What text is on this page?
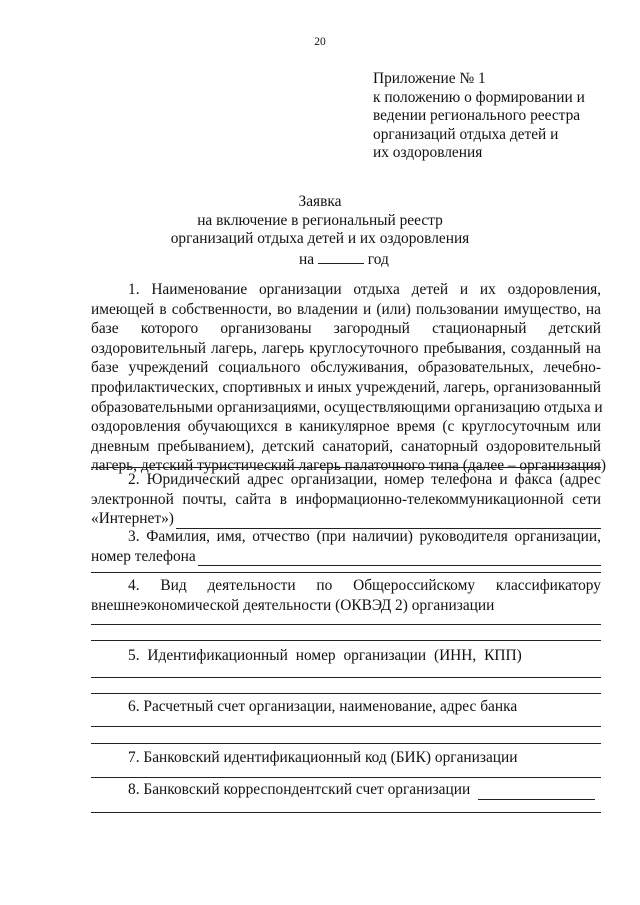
20
Приложение № 1
к положению о формировании и
ведении регионального реестра
организаций отдыха детей и
их оздоровления
Заявка
на включение в региональный реестр
организаций отдыха детей и их оздоровления
на	год
1. Наименование организации отдыха детей и их оздоровления,
имеющей в собственности, во владении и (или) пользовании имущество, на
базе которого организованы загородный стационарный детский
оздоровительный лагерь, лагерь круглосуточного пребывания, созданный на
базе учреждений социального обслуживания, образовательных, лечебно-
профилактических, спортивных и иных учреждений, лагерь, организованный
образовательными организациями, осуществляющими организацию отдыха и
оздоровления обучающихся в каникулярное время (с круглосуточным или
дневным пребыванием), детский санаторий, санаторный оздоровительный
лагерь, детский туристический лагерь палаточного типа (далее – организация)
2. Юридический адрес организации, номер телефона и факса (адрес
электронной почты, сайта в информационно-телекоммуникационной сети
«Интернет»)
3. Фамилия, имя, отчество (при наличии) руководителя организации,
номер телефона
4. Вид деятельности по Общероссийскому классификатору
внешнеэкономической деятельности (ОКВЭД 2) организации
5. Идентификационный номер организации (ИНН, КПП)
6. Расчетный счет организации, наименование, адрес банка
7. Банковский идентификационный код (БИК) организации
8. Банковский корреспондентский счет организации
